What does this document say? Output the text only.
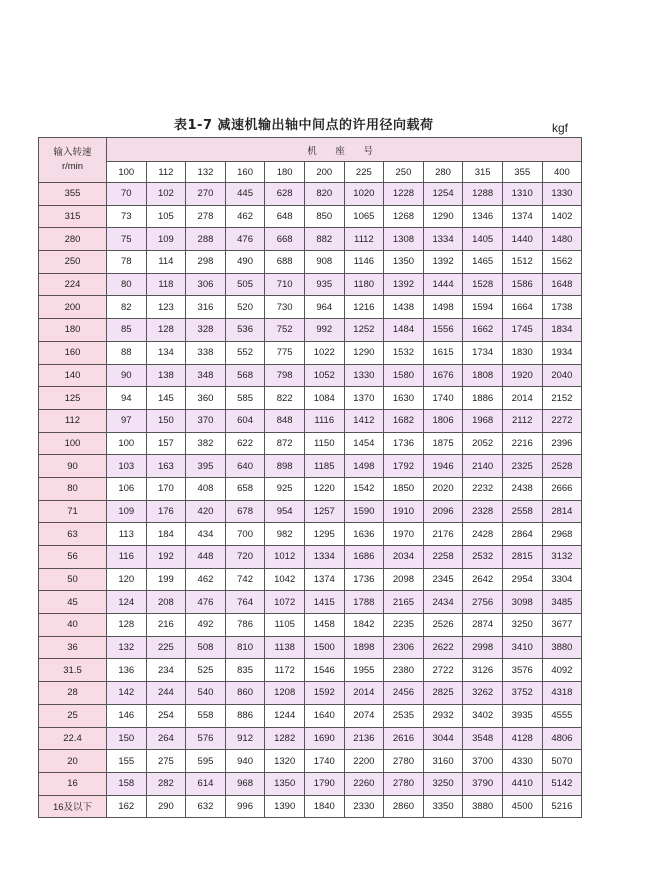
表1-7 减速机输出轴中间点的许用径向载荷	kgf
输入转速
r/min	机 座 号											
	100	112	132	160	180	200	225	250	280	315	355	400
355	70	102	270	445	628	820	1020	1228	1254	1288	1310	1330
315	73	105	278	462	648	850	1065	1268	1290	1346	1374	1402
280	75	109	288	476	668	882	1112	1308	1334	1405	1440	1480
250	78	114	298	490	688	908	1146	1350	1392	1465	1512	1562
224	80	118	306	505	710	935	1180	1392	1444	1528	1586	1648
200	82	123	316	520	730	964	1216	1438	1498	1594	1664	1738
180	85	128	328	536	752	992	1252	1484	1556	1662	1745	1834
160	88	134	338	552	775	1022	1290	1532	1615	1734	1830	1934
140	90	138	348	568	798	1052	1330	1580	1676	1808	1920	2040
125	94	145	360	585	822	1084	1370	1630	1740	1886	2014	2152
112	97	150	370	604	848	1116	1412	1682	1806	1968	2112	2272
100	100	157	382	622	872	1150	1454	1736	1875	2052	2216	2396
90	103	163	395	640	898	1185	1498	1792	1946	2140	2325	2528
80	106	170	408	658	925	1220	1542	1850	2020	2232	2438	2666
71	109	176	420	678	954	1257	1590	1910	2096	2328	2558	2814
63	113	184	434	700	982	1295	1636	1970	2176	2428	2864	2968
56	116	192	448	720	1012	1334	1686	2034	2258	2532	2815	3132
50	120	199	462	742	1042	1374	1736	2098	2345	2642	2954	3304
45	124	208	476	764	1072	1415	1788	2165	2434	2756	3098	3485
40	128	216	492	786	1105	1458	1842	2235	2526	2874	3250	3677
36	132	225	508	810	1138	1500	1898	2306	2622	2998	3410	3880
31.5	136	234	525	835	1172	1546	1955	2380	2722	3126	3576	4092
28	142	244	540	860	1208	1592	2014	2456	2825	3262	3752	4318
25	146	254	558	886	1244	1640	2074	2535	2932	3402	3935	4555
22.4	150	264	576	912	1282	1690	2136	2616	3044	3548	4128	4806
20	155	275	595	940	1320	1740	2200	2780	3160	3700	4330	5070
16	158	282	614	968	1350	1790	2260	2780	3250	3790	4410	5142
16及以下	162	290	632	996	1390	1840	2330	2860	3350	3880	4500	5216
